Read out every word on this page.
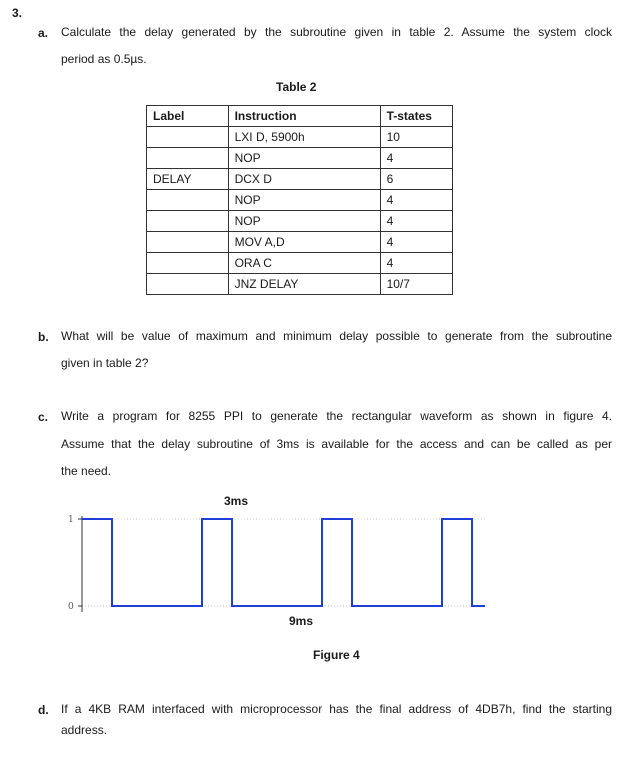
3.
a. Calculate the delay generated by the subroutine given in table 2. Assume the system clock
period as 0.5µs.
Table 2
Label	Instruction	T-states
	LXI D, 5900h	10
	NOP	4
DELAY	DCX D	6
	NOP	4
	NOP	4
	MOV A,D	4
	ORA C	4
	JNZ DELAY	10/7
b. What will be value of maximum and minimum delay possible to generate from the subroutine
given in table 2?
c. Write a program for 8255 PPI to generate the rectangular waveform as shown in figure 4.
Assume that the delay subroutine of 3ms is available for the access and can be called as per
the need.
3ms
9ms
1
0
Figure 4
d. If a 4KB RAM interfaced with microprocessor has the final address of 4DB7h, find the starting
address.
